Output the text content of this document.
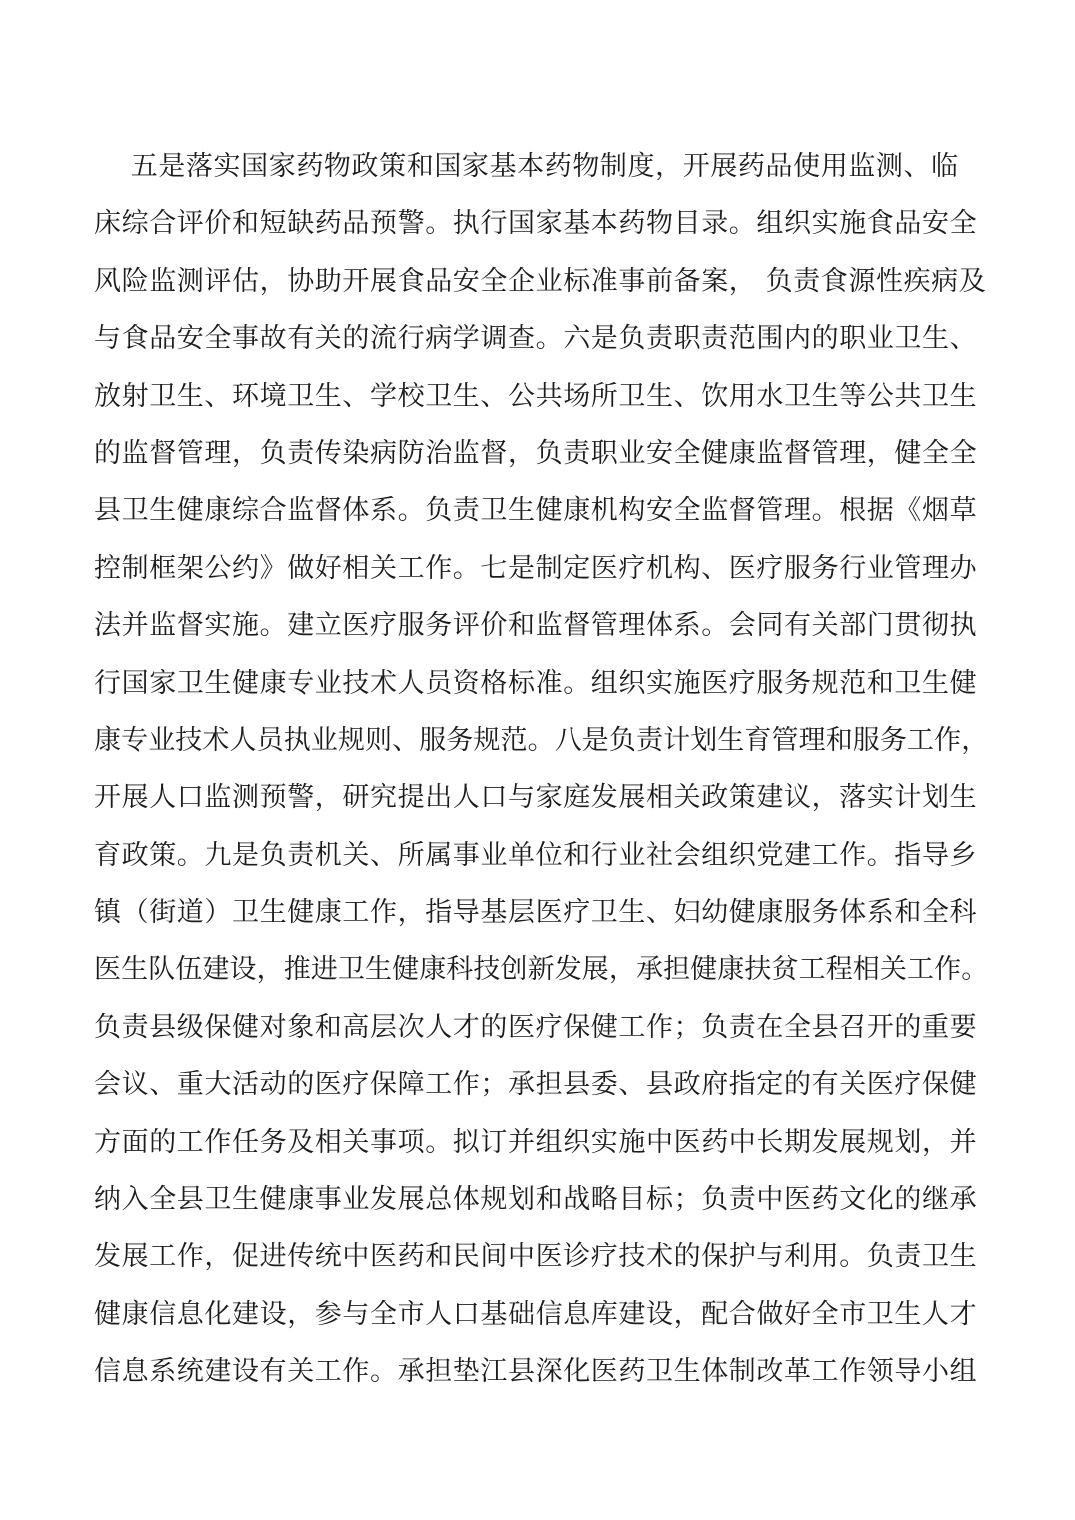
五是落实国家药物政策和国家基本药物制度，开展药品使用监测、临
床综合评价和短缺药品预警。执行国家基本药物目录。组织实施食品安全
风险监测评估，协助开展食品安全企业标准事前备案， 负责食源性疾病及
与食品安全事故有关的流行病学调查。六是负责职责范围内的职业卫生、
放射卫生、环境卫生、学校卫生、公共场所卫生、饮用水卫生等公共卫生
的监督管理，负责传染病防治监督，负责职业安全健康监督管理，健全全
县卫生健康综合监督体系。负责卫生健康机构安全监督管理。根据《烟草
控制框架公约》做好相关工作。七是制定医疗机构、医疗服务行业管理办
法并监督实施。建立医疗服务评价和监督管理体系。会同有关部门贯彻执
行国家卫生健康专业技术人员资格标准。组织实施医疗服务规范和卫生健
康专业技术人员执业规则、服务规范。八是负责计划生育管理和服务工作，
开展人口监测预警，研究提出人口与家庭发展相关政策建议，落实计划生
育政策。九是负责机关、所属事业单位和行业社会组织党建工作。指导乡
镇（街道）卫生健康工作，指导基层医疗卫生、妇幼健康服务体系和全科
医生队伍建设，推进卫生健康科技创新发展，承担健康扶贫工程相关工作。
负责县级保健对象和高层次人才的医疗保健工作；负责在全县召开的重要
会议、重大活动的医疗保障工作；承担县委、县政府指定的有关医疗保健
方面的工作任务及相关事项。拟订并组织实施中医药中长期发展规划，并
纳入全县卫生健康事业发展总体规划和战略目标；负责中医药文化的继承
发展工作，促进传统中医药和民间中医诊疗技术的保护与利用。负责卫生
健康信息化建设，参与全市人口基础信息库建设，配合做好全市卫生人才
信息系统建设有关工作。承担垫江县深化医药卫生体制改革工作领导小组
